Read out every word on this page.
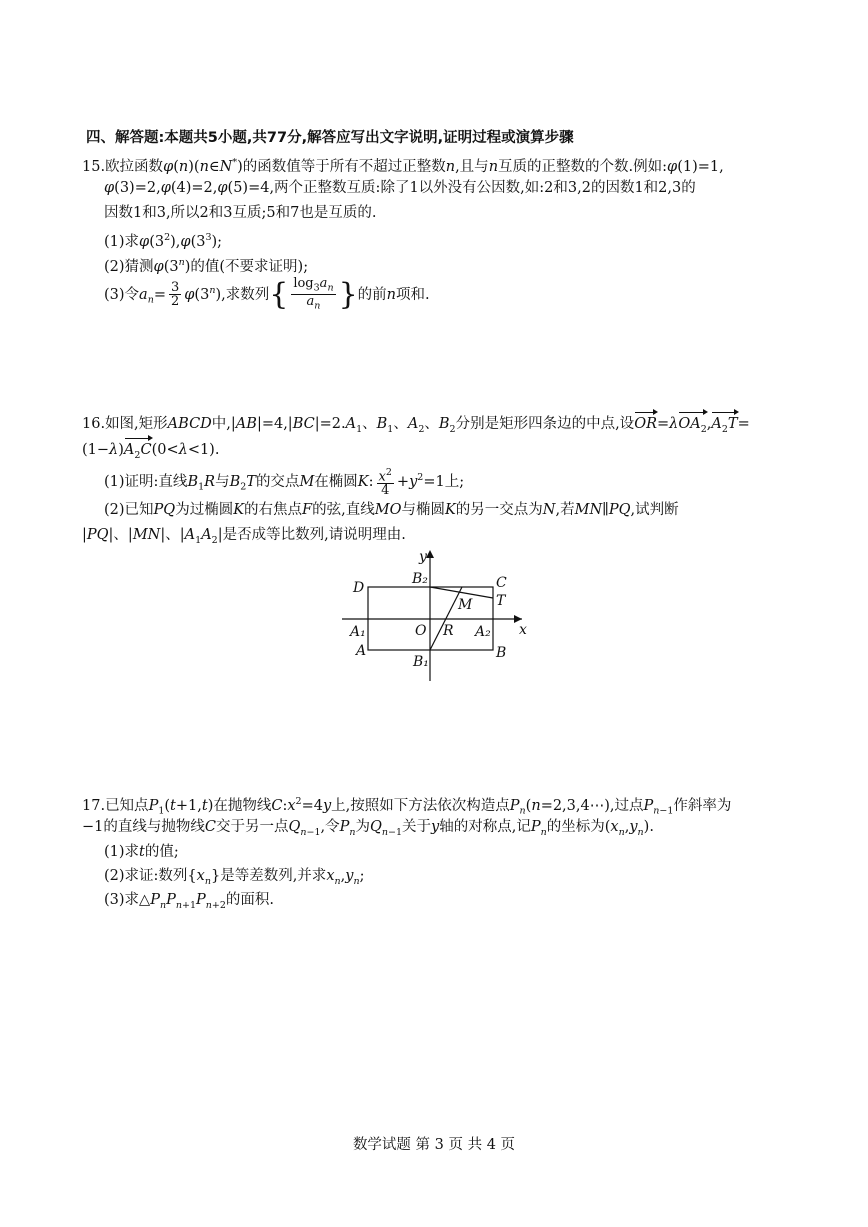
四、解答题:本题共5小题,共77分,解答应写出文字说明,证明过程或演算步骤
15.欧拉函数φ(n)(n∈N*)的函数值等于所有不超过正整数n,且与n互质的正整数的个数.例如:φ(1)=1,
φ(3)=2,φ(4)=2,φ(5)=4,两个正整数互质:除了1以外没有公因数,如:2和3,2的因数1和2,3的
因数1和3,所以2和3互质;5和7也是互质的.
(1)求$\varphi(3^2),\varphi(3^3)$;
(2)猜测φ(3$^n$)的值(不要求证明);
(3)令$a_n= \frac{3}{2} \varphi(3^n)$,求数列{ $\frac{\log_3a_n}{a_n}$ }的前n项和.
16.如图,矩形ABCD中$,|AB|=4,|BC|=2.A_1$、$B_1$、$A_2$、$B_2$分别是矩形四条边的中点,设$OR=\lambda OA_2,A_2T=$
$(1-\lambda)A_2C(0<\lambda<1)$.
(1)证明:直线$B_1R$与$B_2T$的交点M在椭圆K: $\frac{x^2}{4} +y^2=1$上;
(2)已知PQ为过椭圆K的右焦点F的弦,直线MO与椭圆K的另一交点为N,若MN∥PQ,试判断
|PQ|、|MN|、$|A_1A_2|$是否成等比数列,请说明理由.
y
D
B₂	C
M T
A₁	O R A₂ x
A
B₁
B
17.已知点$P_1(t+1,t)$在抛物线$C:x^2=4y$上,按照如下方法依次构造点$P_n(n=2,3,4\cdots)$,过点$P_{n-1}$作斜率为
−1的直线与抛物线C交于另一点$Q_{n-1}$,令$P_n$为$Q_{n-1}$关于y轴的对称点,记$P_n$的坐标为$(x_n,y_n)$.
(1)求t的值;
(2)求证:数列$\{x_n\}$是等差数列,并求$x_n,y_n$;
(3)求$\triangle P_nP_{n+1}P_{n+2}$的面积.
数学试题 第 3 页 共 4 页
